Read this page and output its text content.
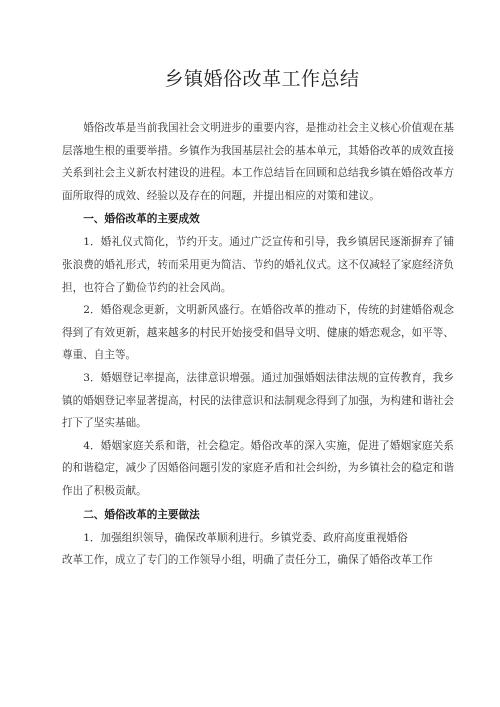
乡镇婚俗改革工作总结

婚俗改革是当前我国社会文明进步的重要内容，是推动社会主义核心价值观在基层落地生根的重要举措。乡镇作为我国基层社会的基本单元，其婚俗改革的成效直接关系到社会主义新农村建设的进程。本工作总结旨在回顾和总结我乡镇在婚俗改革方面所取得的成效、经验以及存在的问题，并提出相应的对策和建议。

一、婚俗改革的主要成效

1．婚礼仪式简化，节约开支。通过广泛宣传和引导，我乡镇居民逐渐摒弃了铺张浪费的婚礼形式，转而采用更为简洁、节约的婚礼仪式。这不仅减轻了家庭经济负担，也符合了勤俭节约的社会风尚。

2．婚俗观念更新，文明新风盛行。在婚俗改革的推动下，传统的封建婚俗观念得到了有效更新，越来越多的村民开始接受和倡导文明、健康的婚恋观念，如平等、尊重、自主等。

3．婚姻登记率提高，法律意识增强。通过加强婚姻法律法规的宣传教育，我乡镇的婚姻登记率显著提高，村民的法律意识和法制观念得到了加强，为构建和谐社会打下了坚实基础。

4．婚姻家庭关系和谐，社会稳定。婚俗改革的深入实施，促进了婚姻家庭关系的和谐稳定，减少了因婚俗问题引发的家庭矛盾和社会纠纷，为乡镇社会的稳定和谐作出了积极贡献。

二、婚俗改革的主要做法

1．加强组织领导，确保改革顺利进行。乡镇党委、政府高度重视婚俗

改革工作，成立了专门的工作领导小组，明确了责任分工，确保了婚俗改革工作
